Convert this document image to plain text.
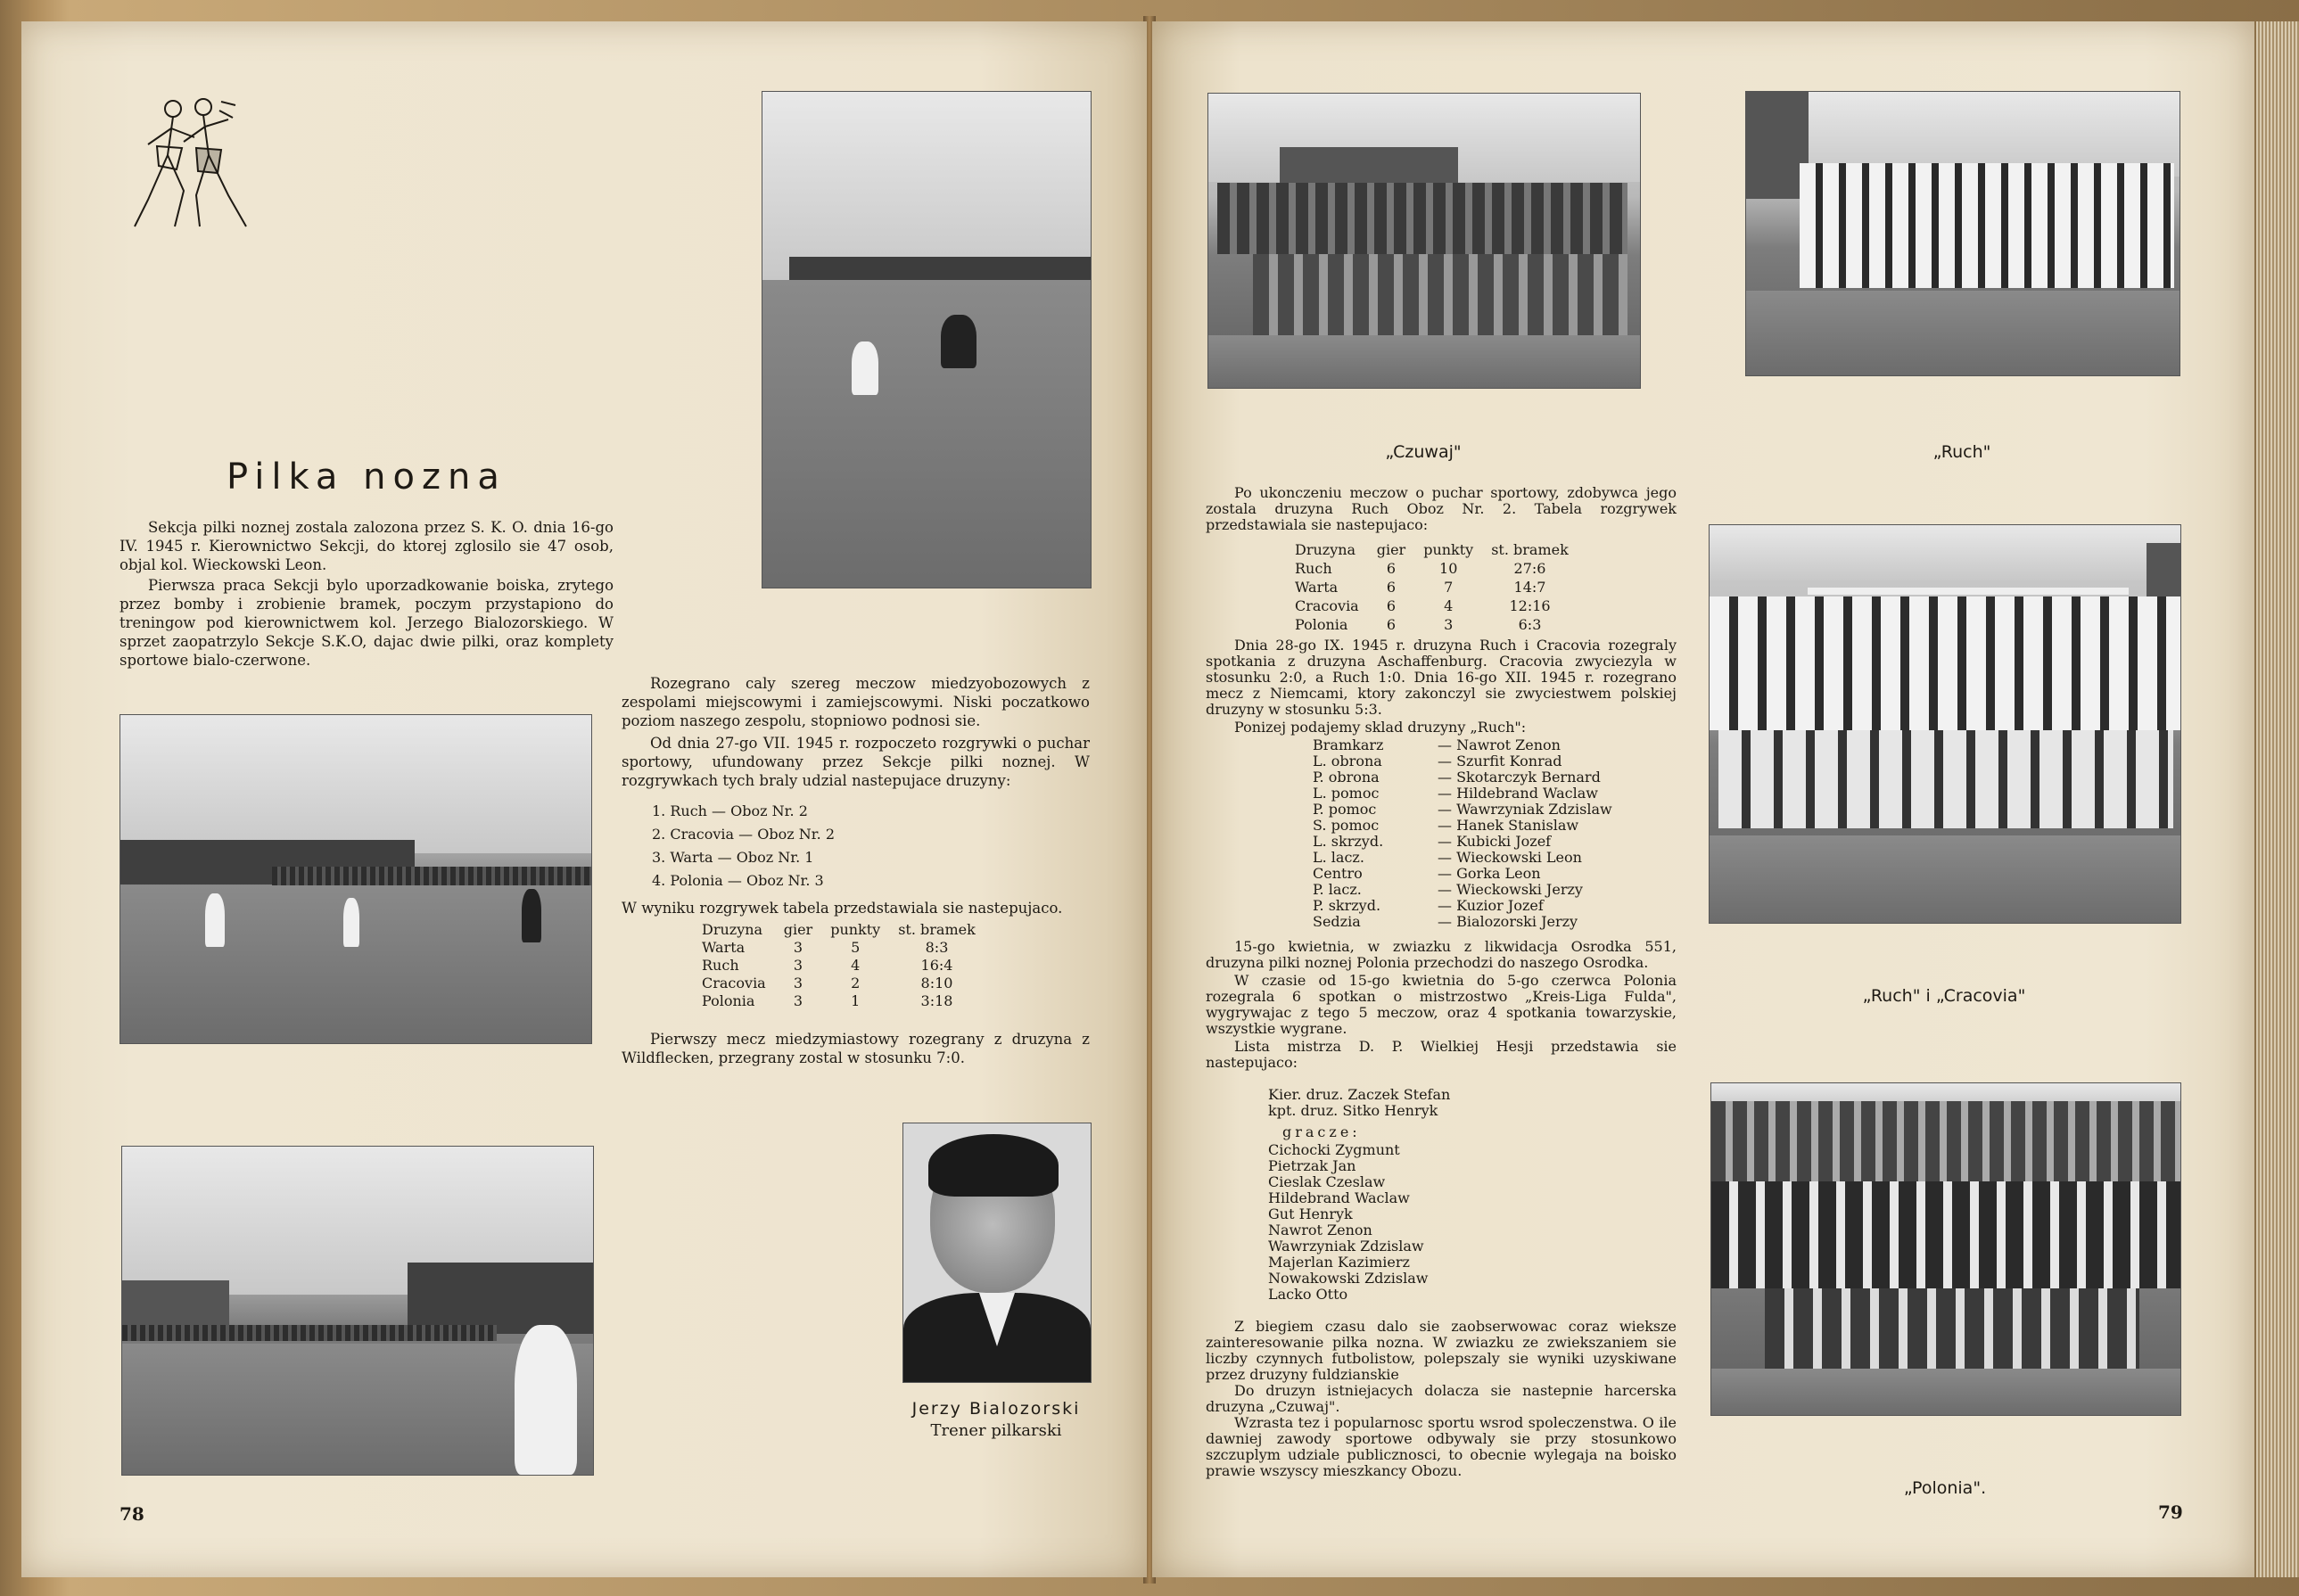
Pilka nozna

Sekcja pilki noznej zostala zalozona przez S. K. O. dnia 16-go IV. 1945 r. Kierownictwo Sekcji, do ktorej zglosilo sie 47 osob, objal kol. Wieckowski Leon.

Pierwsza praca Sekcji bylo uporzadkowanie boiska, zrytego przez bomby i zrobienie bramek, poczym przystapiono do treningow pod kierownictwem kol. Jerzego Bialozorskiego. W sprzet zaopatrzylo Sekcje S.K.O, dajac dwie pilki, oraz komplety sportowe bialo-czerwone.

Rozegrano caly szereg meczow miedzyobozowych z zespolami miejscowymi i zamiejscowymi. Niski poczatkowo poziom naszego zespolu, stopniowo podnosi sie.

Od dnia 27-go VII. 1945 r. rozpoczeto rozgrywki o puchar sportowy, ufundowany przez Sekcje pilki noznej. W rozgrywkach tych braly udzial nastepujace druzyny:

1. Ruch — Oboz Nr. 2
2. Cracovia — Oboz Nr. 2
3. Warta — Oboz Nr. 1
4. Polonia — Oboz Nr. 3

W wyniku rozgrywek tabela przedstawiala sie nastepujaco.

Druzyna	gier	punkty	st. bramek
Warta	3	5	8:3
Ruch	3	4	16:4
Cracovia	3	2	8:10
Polonia	3	1	3:18

Pierwszy mecz miedzymiastowy rozegrany z druzyna z Wildflecken, przegrany zostal w stosunku 7:0.

Jerzy Bialozorski
Trener pilkarski
78
„Czuwaj"	„Ruch"

Po ukonczeniu meczow o puchar sportowy, zdobywca jego zostala druzyna Ruch Oboz Nr. 2. Tabela rozgrywek przedstawiala sie nastepujaco:

Druzyna	gier	punkty	st. bramek
Ruch	6	10	27:6
Warta	6	7	14:7
Cracovia	6	4	12:16
Polonia	6	3	6:3

Dnia 28-go IX. 1945 r. druzyna Ruch i Cracovia rozegraly spotkania z druzyna Aschaffenburg. Cracovia zwyciezyla w stosunku 2:0, a Ruch 1:0. Dnia 16-go XII. 1945 r. rozegrano mecz z Niemcami, ktory zakonczyl sie zwyciestwem polskiej druzyny w stosunku 5:3.

Ponizej podajemy sklad druzyny „Ruch":

Bramkarz	— Nawrot Zenon
L. obrona	— Szurfit Konrad
P. obrona	— Skotarczyk Bernard
L. pomoc	— Hildebrand Waclaw
P. pomoc	— Wawrzyniak Zdzislaw
S. pomoc	— Hanek Stanislaw
L. skrzyd.	— Kubicki Jozef
L. lacz.	— Wieckowski Leon
Centro	— Gorka Leon
P. lacz.	— Wieckowski Jerzy
P. skrzyd.	— Kuzior Jozef
Sedzia	— Bialozorski Jerzy

15-go kwietnia, w zwiazku z likwidacja Osrodka 551, druzyna pilki noznej Polonia przechodzi do naszego Osrodka.

W czasie od 15-go kwietnia do 5-go czerwca Polonia rozegrala 6 spotkan o mistrzostwo „Kreis-Liga Fulda", wygrywajac z tego 5 meczow, oraz 4 spotkania towarzyskie, wszystkie wygrane.

Lista mistrza D. P. Wielkiej Hesji przedstawia sie nastepujaco:

Kier. druz. Zaczek Stefan
kpt. druz. Sitko Henryk
gracze:
Cichocki Zygmunt
Pietrzak Jan
Cieslak Czeslaw
Hildebrand Waclaw
Gut Henryk
Nawrot Zenon
Wawrzyniak Zdzislaw
Majerlan Kazimierz
Nowakowski Zdzislaw
Lacko Otto

Z biegiem czasu dalo sie zaobserwowac coraz wieksze zainteresowanie pilka nozna. W zwiazku ze zwiekszaniem sie liczby czynnych futbolistow, polepszaly sie wyniki uzyskiwane przez druzyny fuldzianskie

Do druzyn istniejacych dolacza sie nastepnie harcerska druzyna „Czuwaj".

Wzrasta tez i popularnosc sportu wsrod spoleczenstwa. O ile dawniej zawody sportowe odbywaly sie przy stosunkowo szczuplym udziale publicznosci, to obecnie wylegaja na boisko prawie wszyscy mieszkancy Obozu.

„Ruch" i „Cracovia"
„Polonia".
79
